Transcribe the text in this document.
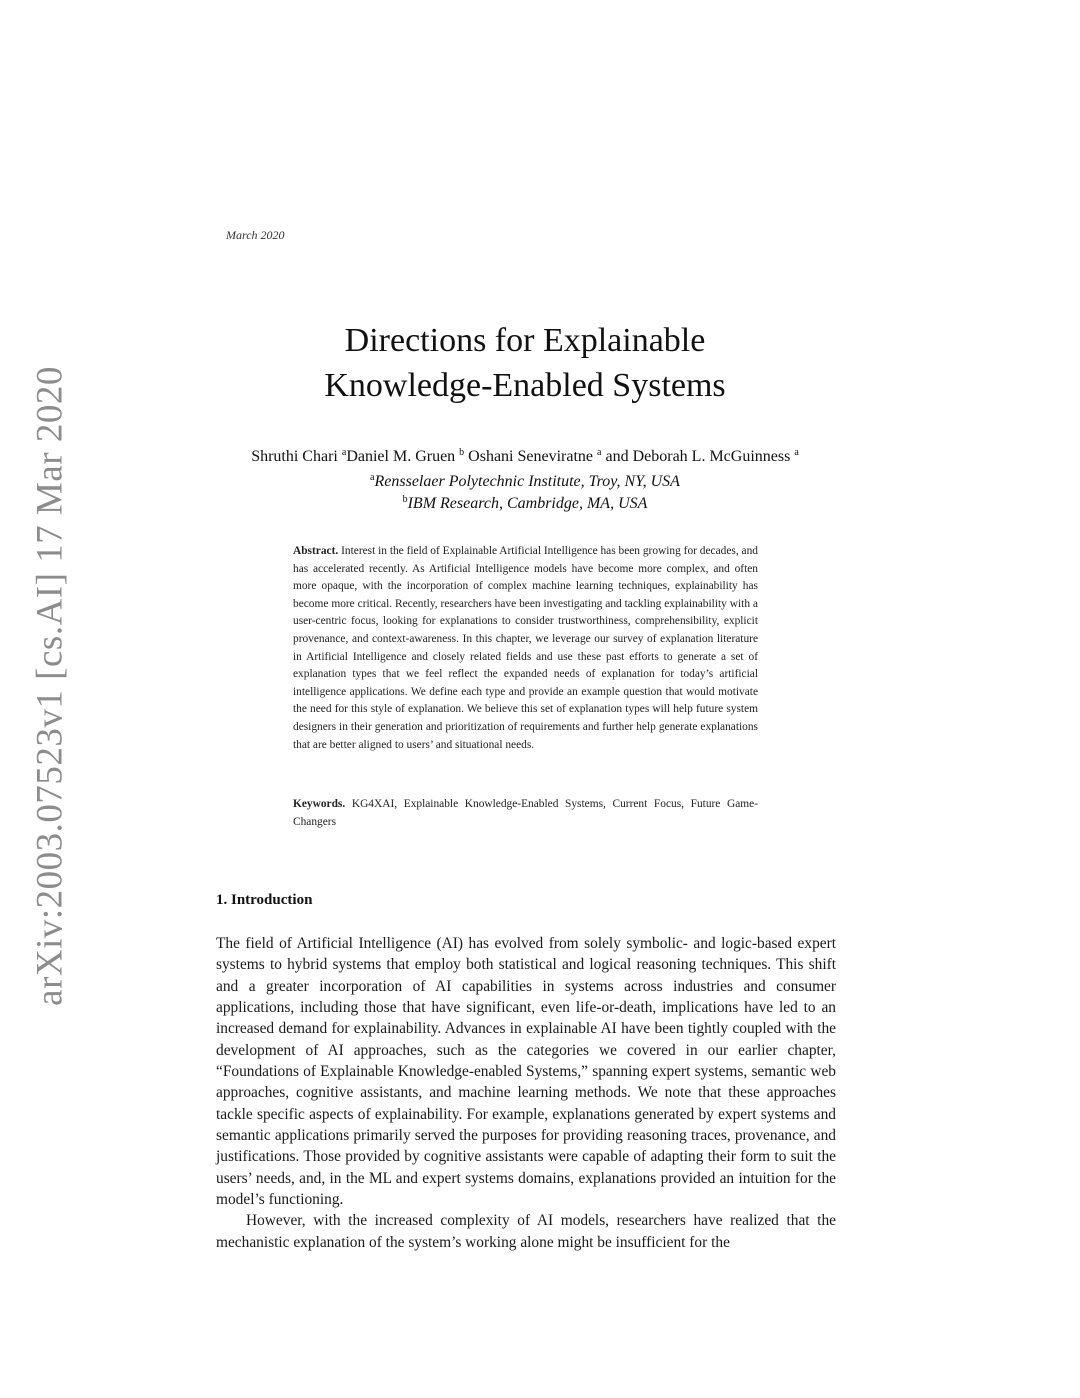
arXiv:2003.07523v1 [cs.AI] 17 Mar 2020
March 2020
Directions for Explainable
Knowledge-Enabled Systems
Shruthi Chari $^a$Daniel M. Gruen $^b$ Oshani Seneviratne $^a$ and Deborah L. McGuinness $^a$
$^a$Rensselaer Polytechnic Institute, Troy, NY, USA
$^b$IBM Research, Cambridge, MA, USA
Abstract. Interest in the field of Explainable Artificial Intelligence has been growing for decades, and has accelerated recently. As Artificial Intelligence models have become more complex, and often more opaque, with the incorporation of complex machine learning techniques, explainability has become more critical. Recently, researchers have been investigating and tackling explainability with a user-centric focus, looking for explanations to consider trustworthiness, comprehensibility, explicit provenance, and context-awareness. In this chapter, we leverage our survey of explanation literature in Artificial Intelligence and closely related fields and use these past efforts to generate a set of explanation types that we feel reflect the expanded needs of explanation for today’s artificial intelligence applications. We define each type and provide an example question that would motivate the need for this style of explanation. We believe this set of explanation types will help future system designers in their generation and prioritization of requirements and further help generate explanations that are better aligned to users’ and situational needs.
Keywords. KG4XAI, Explainable Knowledge-Enabled Systems, Current Focus, Future Game-Changers
1. Introduction

The field of Artificial Intelligence (AI) has evolved from solely symbolic- and logic-based expert systems to hybrid systems that employ both statistical and logical reasoning techniques. This shift and a greater incorporation of AI capabilities in systems across industries and consumer applications, including those that have significant, even life-or-death, implications have led to an increased demand for explainability. Advances in explainable AI have been tightly coupled with the development of AI approaches, such as the categories we covered in our earlier chapter, “Foundations of Explainable Knowledge-enabled Systems,” spanning expert systems, semantic web approaches, cognitive assistants, and machine learning methods. We note that these approaches tackle specific aspects of explainability. For example, explanations generated by expert systems and semantic applications primarily served the purposes for providing reasoning traces, provenance, and justifications. Those provided by cognitive assistants were capable of adapting their form to suit the users’ needs, and, in the ML and expert systems domains, explanations provided an intuition for the model’s functioning.

However, with the increased complexity of AI models, researchers have realized that the mechanistic explanation of the system’s working alone might be insufficient for the
